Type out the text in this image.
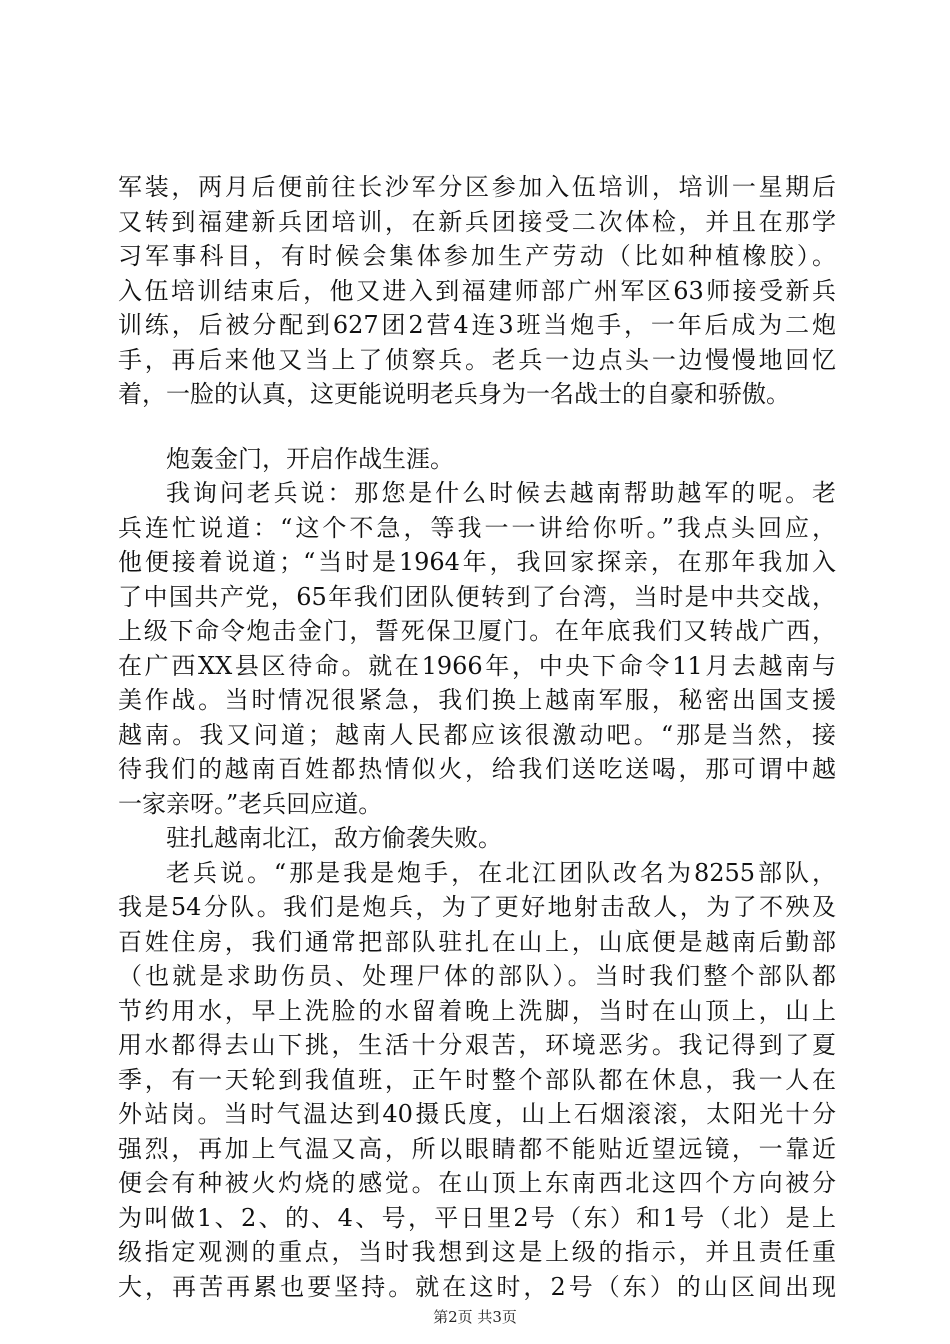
军装，两月后便前往长沙军分区参加入伍培训，培训一星期后
又转到福建新兵团培训，在新兵团接受二次体检，并且在那学
习军事科目，有时候会集体参加生产劳动（比如种植橡胶）。
入伍培训结束后，他又进入到福建师部广州军区63师接受新兵
训练，后被分配到627团2营4连3班当炮手，一年后成为二炮
手，再后来他又当上了侦察兵。老兵一边点头一边慢慢地回忆
着，一脸的认真，这更能说明老兵身为一名战士的自豪和骄傲。
炮轰金门，开启作战生涯。
我询问老兵说：那您是什么时候去越南帮助越军的呢。老
兵连忙说道：“这个不急，等我一一讲给你听。”我点头回应，
他便接着说道；“当时是1964年，我回家探亲，在那年我加入
了中国共产党，65年我们团队便转到了台湾，当时是中共交战，
上级下命令炮击金门，誓死保卫厦门。在年底我们又转战广西，
在广西XX县区待命。就在1966年，中央下命令11月去越南与
美作战。当时情况很紧急，我们换上越南军服，秘密出国支援
越南。我又问道；越南人民都应该很激动吧。“那是当然，接
待我们的越南百姓都热情似火，给我们送吃送喝，那可谓中越
一家亲呀。”老兵回应道。
驻扎越南北江，敌方偷袭失败。
老兵说。“那是我是炮手，在北江团队改名为8255部队，
我是54分队。我们是炮兵，为了更好地射击敌人，为了不殃及
百姓住房，我们通常把部队驻扎在山上，山底便是越南后勤部
（也就是求助伤员、处理尸体的部队）。当时我们整个部队都
节约用水，早上洗脸的水留着晚上洗脚，当时在山顶上，山上
用水都得去山下挑，生活十分艰苦，环境恶劣。我记得到了夏
季，有一天轮到我值班，正午时整个部队都在休息，我一人在
外站岗。当时气温达到40摄氏度，山上石烟滚滚，太阳光十分
强烈，再加上气温又高，所以眼睛都不能贴近望远镜，一靠近
便会有种被火灼烧的感觉。在山顶上东南西北这四个方向被分
为叫做1、2、的、4、号，平日里2号（东）和1号（北）是上
级指定观测的重点，当时我想到这是上级的指示，并且责任重
大，再苦再累也要坚持。就在这时，2号（东）的山区间出现
第2页 共3页
